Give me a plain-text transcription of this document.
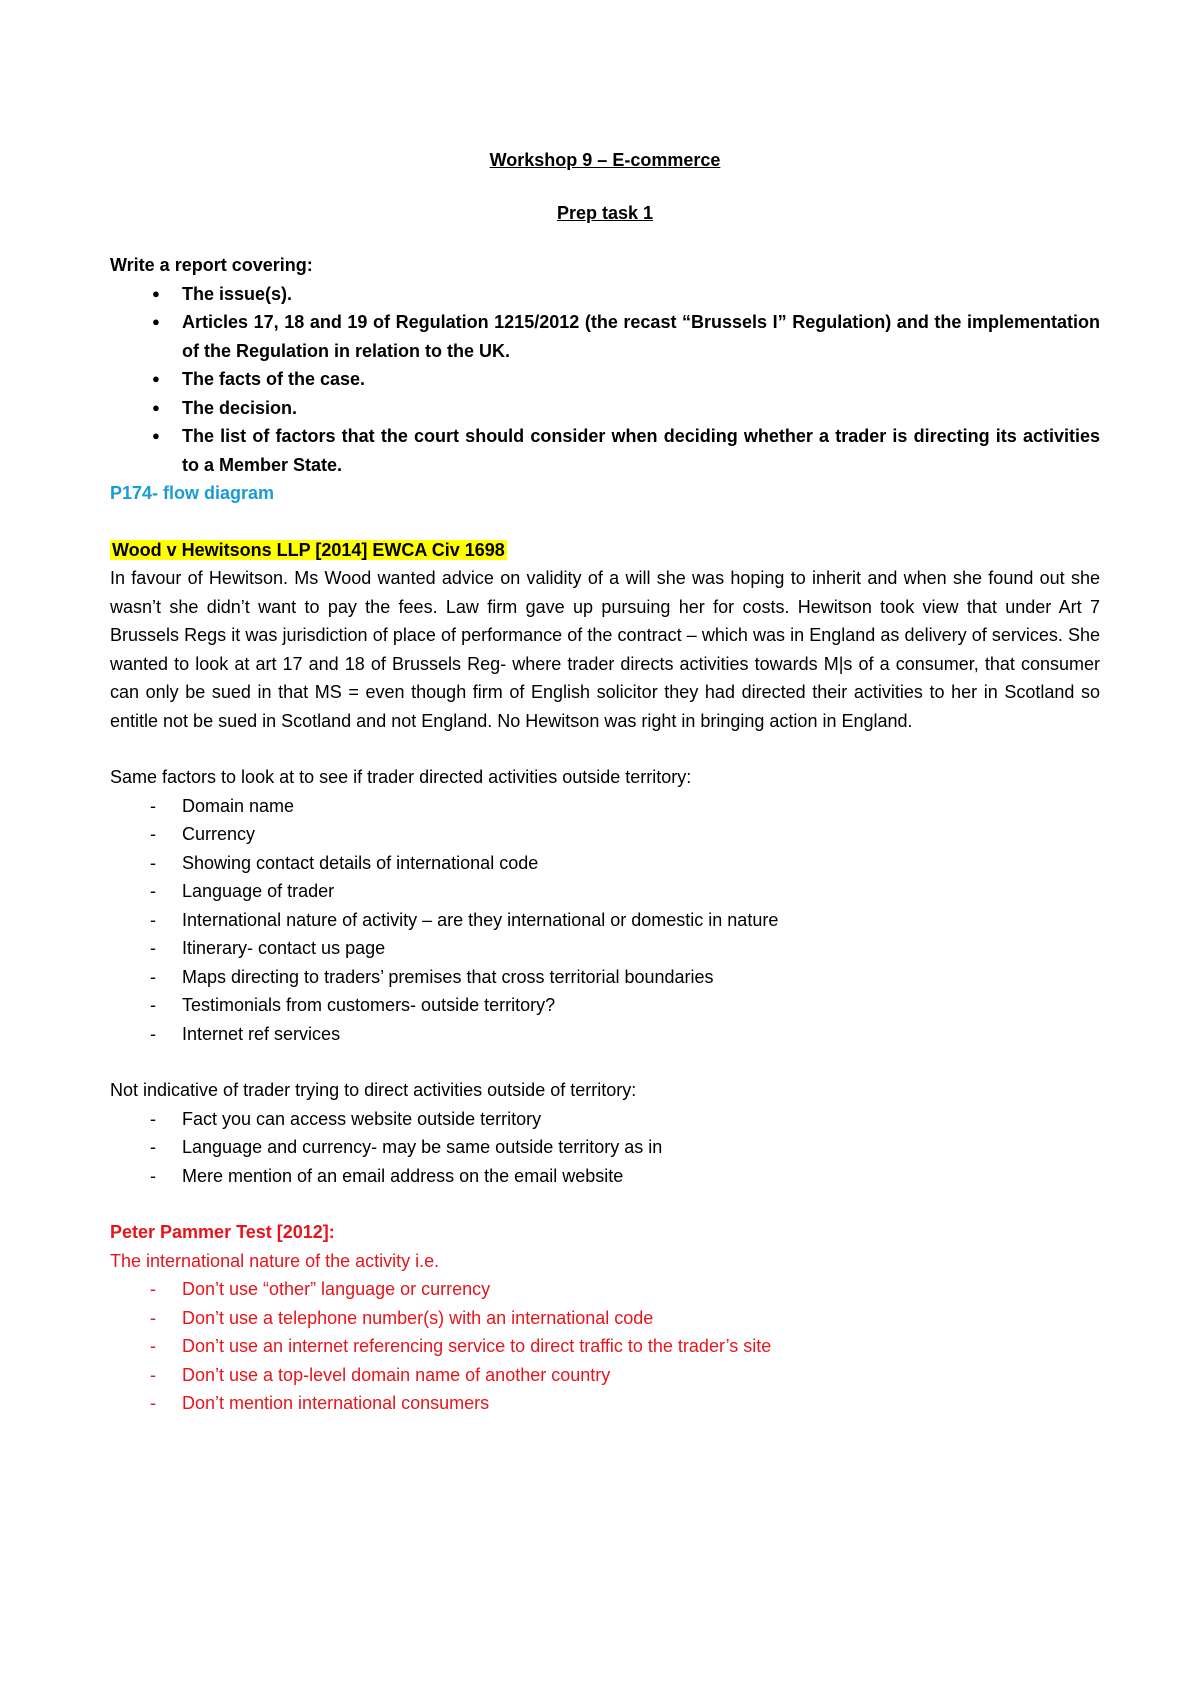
Workshop 9 – E-commerce

Prep task 1

Write a report covering:

● The issue(s).
● Articles 17, 18 and 19 of Regulation 1215/2012 (the recast “Brussels I” Regulation) and the implementation of the Regulation in relation to the UK.
● The facts of the case.
● The decision.
● The list of factors that the court should consider when deciding whether a trader is directing its activities to a Member State.

P174- flow diagram

Wood v Hewitsons LLP [2014] EWCA Civ 1698

In favour of Hewitson. Ms Wood wanted advice on validity of a will she was hoping to inherit and when she found out she wasn’t she didn’t want to pay the fees. Law firm gave up pursuing her for costs. Hewitson took view that under Art 7 Brussels Regs it was jurisdiction of place of performance of the contract – which was in England as delivery of services. She wanted to look at art 17 and 18 of Brussels Reg- where trader directs activities towards M|s of a consumer, that consumer can only be sued in that MS = even though firm of English solicitor they had directed their activities to her in Scotland so entitle not be sued in Scotland and not England. No Hewitson was right in bringing action in England.

Same factors to look at to see if trader directed activities outside territory:

- Domain name
- Currency
- Showing contact details of international code
- Language of trader
- International nature of activity – are they international or domestic in nature
- Itinerary- contact us page
- Maps directing to traders’ premises that cross territorial boundaries
- Testimonials from customers- outside territory?
- Internet ref services

Not indicative of trader trying to direct activities outside of territory:

- Fact you can access website outside territory
- Language and currency- may be same outside territory as in
- Mere mention of an email address on the email website

Peter Pammer Test [2012]:

The international nature of the activity i.e.

- Don’t use “other” language or currency
- Don’t use a telephone number(s) with an international code
- Don’t use an internet referencing service to direct traffic to the trader’s site
- Don’t use a top-level domain name of another country
- Don’t mention international consumers
